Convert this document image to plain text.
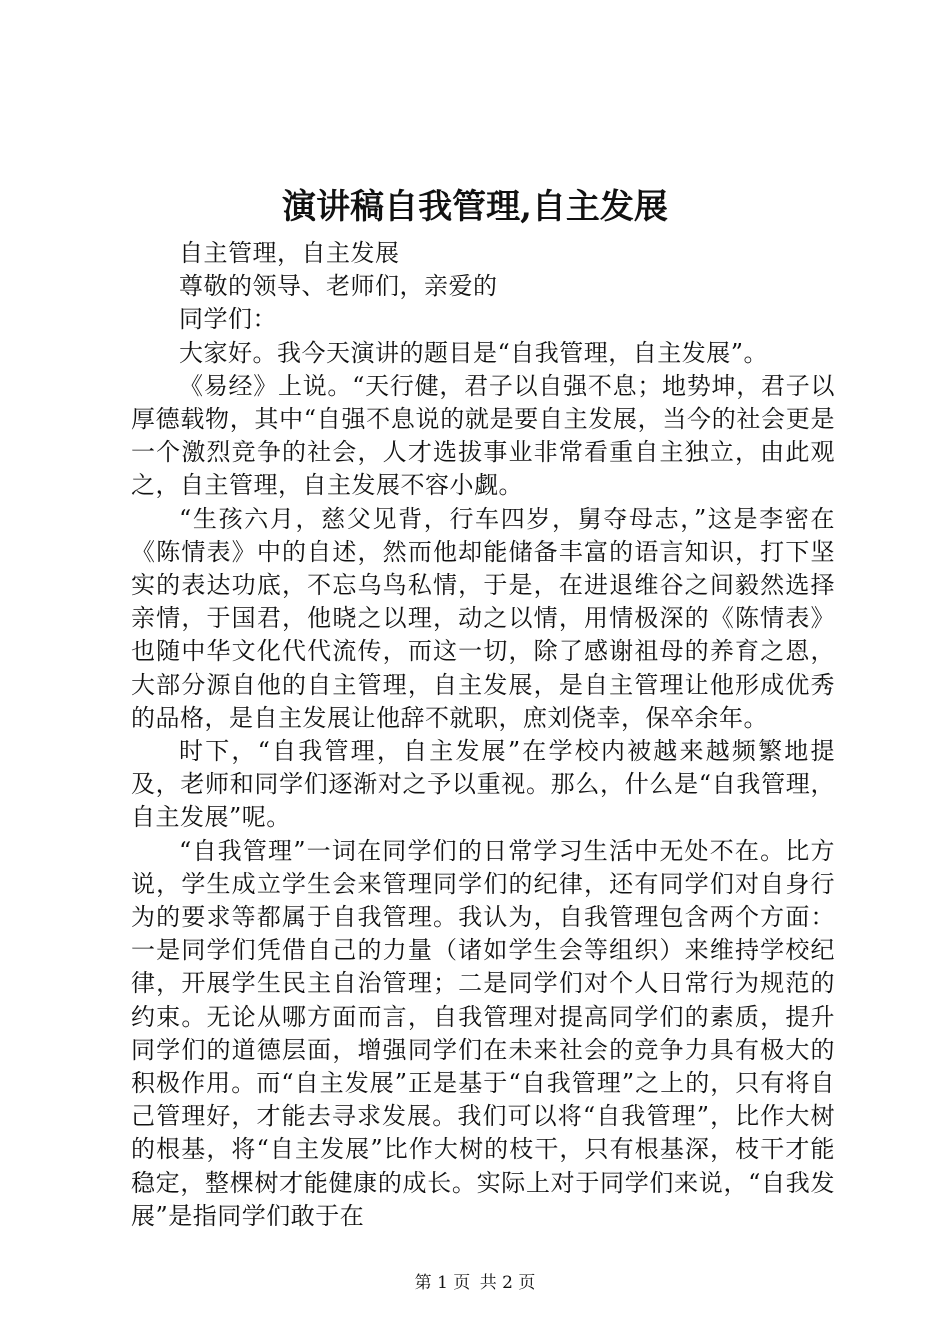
演讲稿自我管理,自主发展

自主管理，自主发展

尊敬的领导、老师们，亲爱的

同学们：

大家好。我今天演讲的题目是“自我管理，自主发展”。

《易经》上说。“天行健，君子以自强不息；地势坤，君子以厚德载物，其中“自强不息说的就是要自主发展，当今的社会更是一个激烈竞争的社会，人才选拔事业非常看重自主独立，由此观之，自主管理，自主发展不容小觑。

“生孩六月，慈父见背，行车四岁，舅夺母志，”这是李密在《陈情表》中的自述，然而他却能储备丰富的语言知识，打下坚实的表达功底，不忘乌鸟私情，于是，在进退维谷之间毅然选择亲情，于国君，他晓之以理，动之以情，用情极深的《陈情表》也随中华文化代代流传，而这一切，除了感谢祖母的养育之恩，大部分源自他的自主管理，自主发展，是自主管理让他形成优秀的品格，是自主发展让他辞不就职，庶刘侥幸，保卒余年。

时下，“自我管理，自主发展”在学校内被越来越频繁地提及，老师和同学们逐渐对之予以重视。那么，什么是“自我管理，自主发展”呢。

“自我管理”一词在同学们的日常学习生活中无处不在。比方说，学生成立学生会来管理同学们的纪律，还有同学们对自身行为的要求等都属于自我管理。我认为，自我管理包含两个方面：一是同学们凭借自己的力量（诸如学生会等组织）来维持学校纪律，开展学生民主自治管理；二是同学们对个人日常行为规范的约束。无论从哪方面而言，自我管理对提高同学们的素质，提升同学们的道德层面，增强同学们在未来社会的竞争力具有极大的积极作用。而“自主发展”正是基于“自我管理”之上的，只有将自己管理好，才能去寻求发展。我们可以将“自我管理”，比作大树的根基，将“自主发展”比作大树的枝干，只有根基深，枝干才能稳定，整棵树才能健康的成长。实际上对于同学们来说，“自我发展”是指同学们敢于在

第 1 页 共 2 页
